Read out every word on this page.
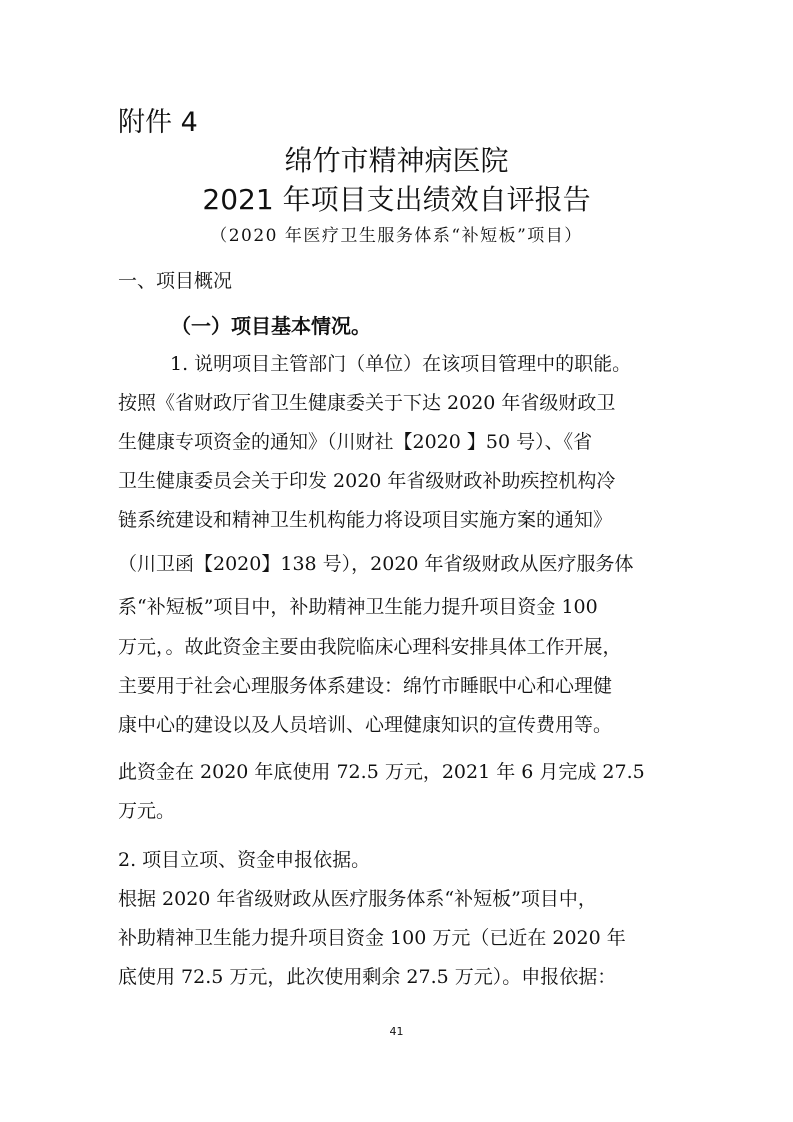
附件 4
绵竹市精神病医院
2021 年项目支出绩效自评报告
（2020 年医疗卫生服务体系“补短板”项目）
一、项目概况
（一）项目基本情况。
1. 说明项目主管部门（单位）在该项目管理中的职能。
按照《省财政厅省卫生健康委关于下达 2020 年省级财政卫
生健康专项资金的通知》（川财社【2020 】50 号）、《省
卫生健康委员会关于印发 2020 年省级财政补助疾控机构冷
链系统建设和精神卫生机构能力将设项目实施方案的通知》
（川卫函【2020】138 号），2020 年省级财政从医疗服务体
系“补短板”项目中，补助精神卫生能力提升项目资金 100
万元，。故此资金主要由我院临床心理科安排具体工作开展，
主要用于社会心理服务体系建设：绵竹市睡眠中心和心理健
康中心的建设以及人员培训、心理健康知识的宣传费用等。
此资金在 2020 年底使用 72.5 万元，2021 年 6 月完成 27.5
万元。
2. 项目立项、资金申报依据。
根据 2020 年省级财政从医疗服务体系“补短板”项目中，
补助精神卫生能力提升项目资金 100 万元（已近在 2020 年
底使用 72.5 万元，此次使用剩余 27.5 万元）。申报依据：
41
